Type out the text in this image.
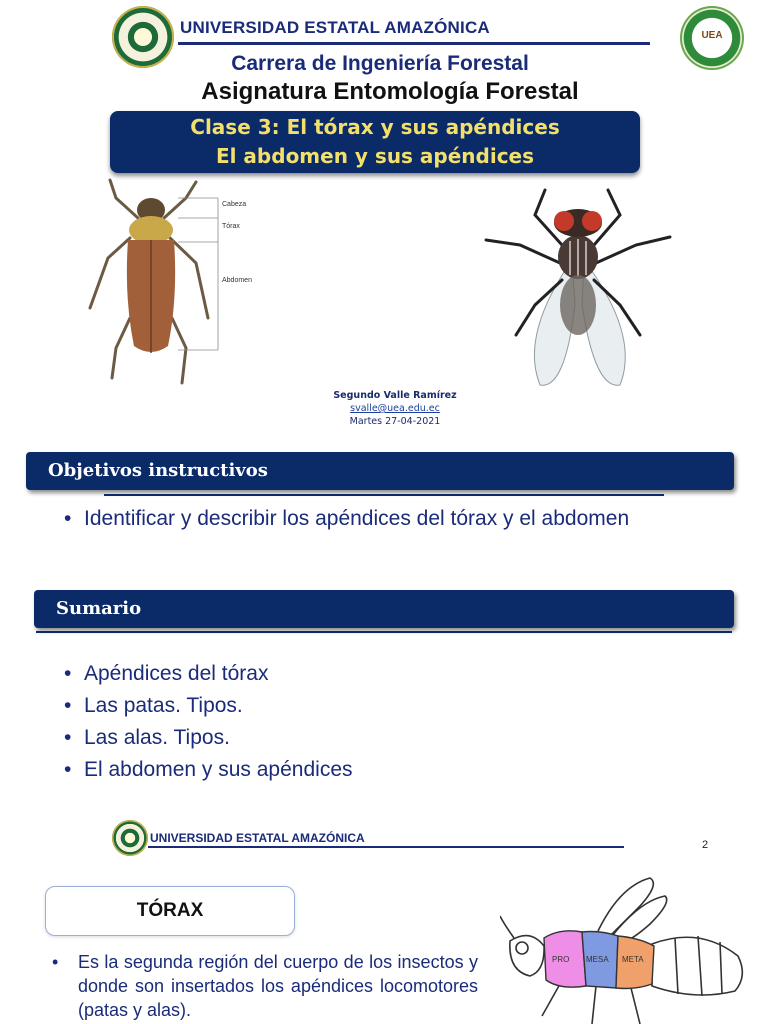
UNIVERSIDAD ESTATAL AMAZÓNICA	UEA
Carrera de Ingeniería Forestal
Asignatura Entomología Forestal
Clase 3: El tórax y sus apéndices
El abdomen y sus apéndices
Cabeza
Tórax
Abdomen
Segundo Valle Ramírez
svalle@uea.edu.ec
Martes 27-04-2021
Objetivos instructivos
• Identificar y describir los apéndices del tórax y el abdomen
Sumario
• Apéndices del tórax
• Las patas. Tipos.
• Las alas. Tipos.
• El abdomen y sus apéndices
UNIVERSIDAD ESTATAL AMAZÓNICA	2
TÓRAX

• Es la segunda región del cuerpo de los insectos y donde son insertados los apéndices locomotores (patas y alas).

PRO MESA META
